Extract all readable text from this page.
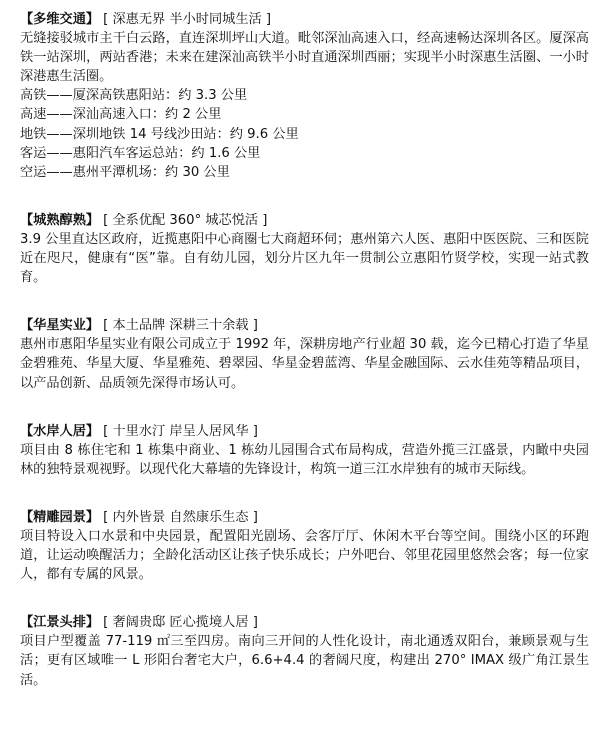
【多维交通】 [ 深惠无界 半小时同城生活 ]

无缝接驳城市主干白云路，直连深圳坪山大道。毗邻深汕高速入口，经高速畅达深圳各区。厦深高铁一站深圳，两站香港；未来在建深汕高铁半小时直通深圳西丽；实现半小时深惠生活圈、一小时深港惠生活圈。

高铁——厦深高铁惠阳站：约 3.3 公里

高速——深汕高速入口：约 2 公里

地铁——深圳地铁 14 号线沙田站：约 9.6 公里

客运——惠阳汽车客运总站：约 1.6 公里

空运——惠州平潭机场：约 30 公里

【城熟醇熟】 [ 全系优配 360° 城芯悦活 ]

3.9 公里直达区政府，近揽惠阳中心商圈七大商超环伺；惠州第六人医、惠阳中医医院、三和医院近在咫尺，健康有“医”靠。自有幼儿园，划分片区九年一贯制公立惠阳竹贤学校，实现一站式教育。

【华星实业】 [ 本土品牌 深耕三十余载 ]

惠州市惠阳华星实业有限公司成立于 1992 年，深耕房地产行业超 30 载，迄今已精心打造了华星金碧雅苑、华星大厦、华星雅苑、碧翠园、华星金碧蓝湾、华星金融国际、云水佳苑等精品项目，以产品创新、品质领先深得市场认可。

【水岸人居】 [ 十里水汀 岸呈人居风华 ]

项目由 8 栋住宅和 1 栋集中商业、1 栋幼儿园围合式布局构成，营造外揽三江盛景，内瞰中央园林的独特景观视野。以现代化大幕墙的先锋设计，构筑一道三江水岸独有的城市天际线。

【精雕园景】 [ 内外皆景 自然康乐生态 ]

项目特设入口水景和中央园景，配置阳光剧场、会客厅厅、休闲木平台等空间。围绕小区的环跑道，让运动唤醒活力；全龄化活动区让孩子快乐成长；户外吧台、邻里花园里悠然会客；每一位家人，都有专属的风景。

【江景头排】 [ 奢阔贵邸 匠心揽境人居 ]

项目户型覆盖 77-119 ㎡三至四房。南向三开间的人性化设计，南北通透双阳台，兼顾景观与生活；更有区域唯一 L 形阳台奢宅大户，6.6+4.4 的奢阔尺度，构建出 270° IMAX 级广角江景生活。
